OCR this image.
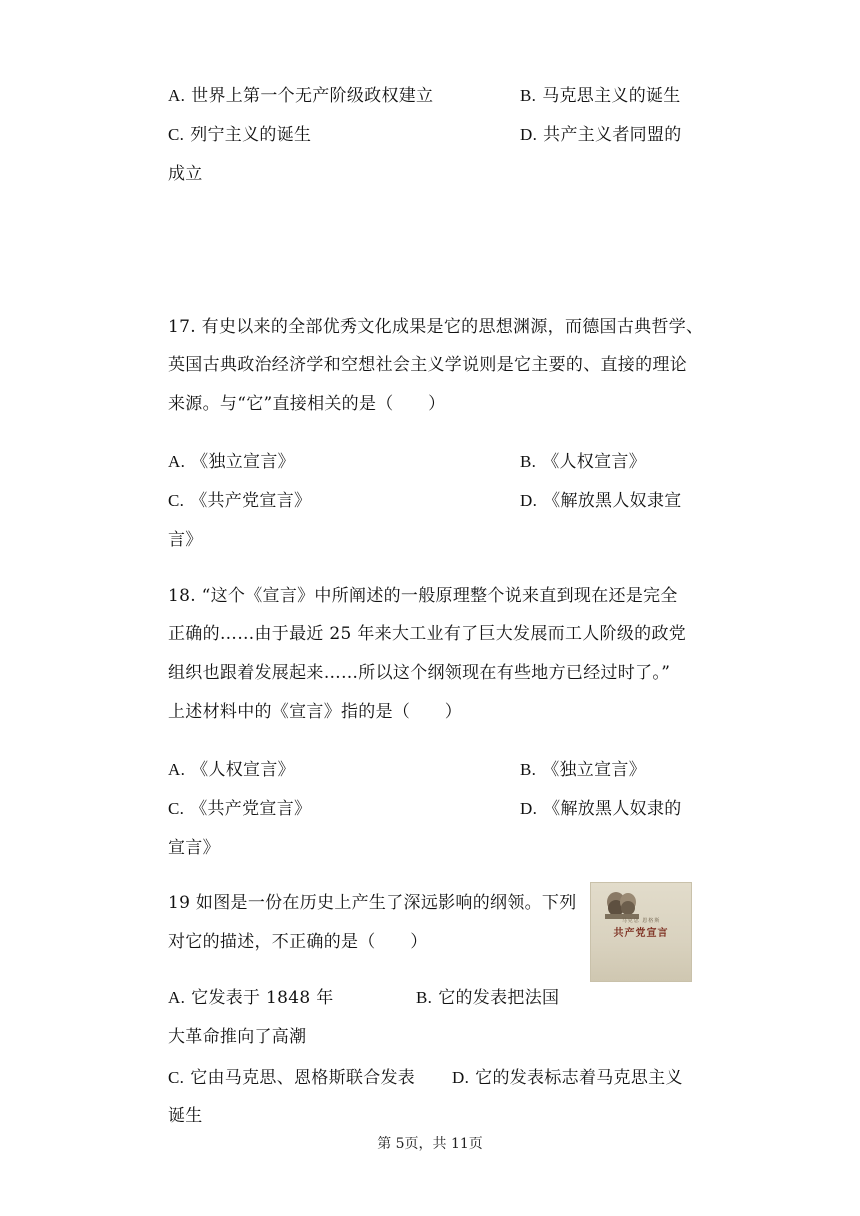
A. 世界上第一个无产阶级政权建立	B. 马克思主义的诞生
C. 列宁主义的诞生	D. 共产主义者同盟的
成立
17. 有史以来的全部优秀文化成果是它的思想渊源，而德国古典哲学、
英国古典政治经济学和空想社会主义学说则是它主要的、直接的理论
来源。与“它”直接相关的是（　　）
A. 《独立宣言》	B. 《人权宣言》
C. 《共产党宣言》	D. 《解放黑人奴隶宣
言》
18. “这个《宣言》中所阐述的一般原理整个说来直到现在还是完全
正确的……由于最近 25 年来大工业有了巨大发展而工人阶级的政党
组织也跟着发展起来……所以这个纲领现在有些地方已经过时了。”
上述材料中的《宣言》指的是（　　）
A. 《人权宣言》	B. 《独立宣言》
C. 《共产党宣言》	D. 《解放黑人奴隶的
宣言》
19 如图是一份在历史上产生了深远影响的纲领。下列
对它的描述，不正确的是（　　）
马克思 恩格斯
共产党宣言
A. 它发表于 1848 年	B. 它的发表把法国
大革命推向了高潮
C. 它由马克思、恩格斯联合发表 D. 它的发表标志着马克思主义
诞生
第 5页，共 11页
